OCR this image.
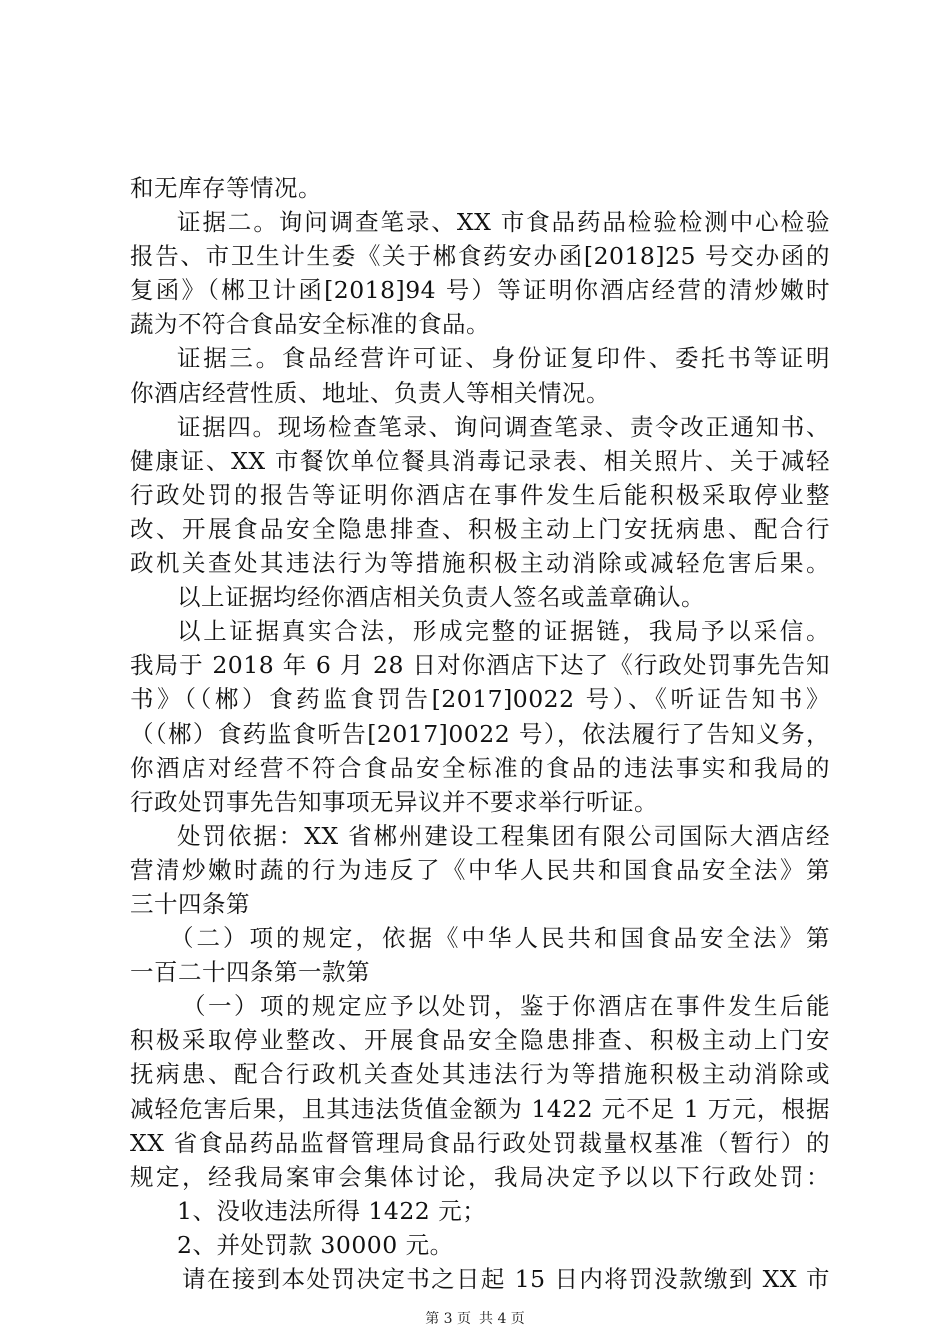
和无库存等情况。
证据二。询问调查笔录、XX 市食品药品检验检测中心检验
报告、市卫生计生委《关于郴食药安办函[2018]25 号交办函的
复函》（郴卫计函[2018]94 号）等证明你酒店经营的清炒嫩时
蔬为不符合食品安全标准的食品。
证据三。食品经营许可证、身份证复印件、委托书等证明
你酒店经营性质、地址、负责人等相关情况。
证据四。现场检查笔录、询问调查笔录、责令改正通知书、
健康证、XX 市餐饮单位餐具消毒记录表、相关照片、关于减轻
行政处罚的报告等证明你酒店在事件发生后能积极采取停业整
改、开展食品安全隐患排查、积极主动上门安抚病患、配合行
政机关查处其违法行为等措施积极主动消除或减轻危害后果。
以上证据均经你酒店相关负责人签名或盖章确认。
以上证据真实合法，形成完整的证据链，我局予以采信。
我局于 2018 年 6 月 28 日对你酒店下达了《行政处罚事先告知
书》（（郴）食药监食罚告[2017]0022 号）、《听证告知书》
（（郴）食药监食听告[2017]0022 号），依法履行了告知义务，
你酒店对经营不符合食品安全标准的食品的违法事实和我局的
行政处罚事先告知事项无异议并不要求举行听证。
处罚依据：XX 省郴州建设工程集团有限公司国际大酒店经
营清炒嫩时蔬的行为违反了《中华人民共和国食品安全法》第
三十四条第
（二）项的规定，依据《中华人民共和国食品安全法》第
一百二十四条第一款第
（一）项的规定应予以处罚，鉴于你酒店在事件发生后能
积极采取停业整改、开展食品安全隐患排查、积极主动上门安
抚病患、配合行政机关查处其违法行为等措施积极主动消除或
减轻危害后果，且其违法货值金额为 1422 元不足 1 万元，根据
XX 省食品药品监督管理局食品行政处罚裁量权基准（暂行）的
规定，经我局案审会集体讨论，我局决定予以以下行政处罚：
1、没收违法所得 1422 元；
2、并处罚款 30000 元。
请在接到本处罚决定书之日起 15 日内将罚没款缴到 XX 市
第 3 页 共 4 页
